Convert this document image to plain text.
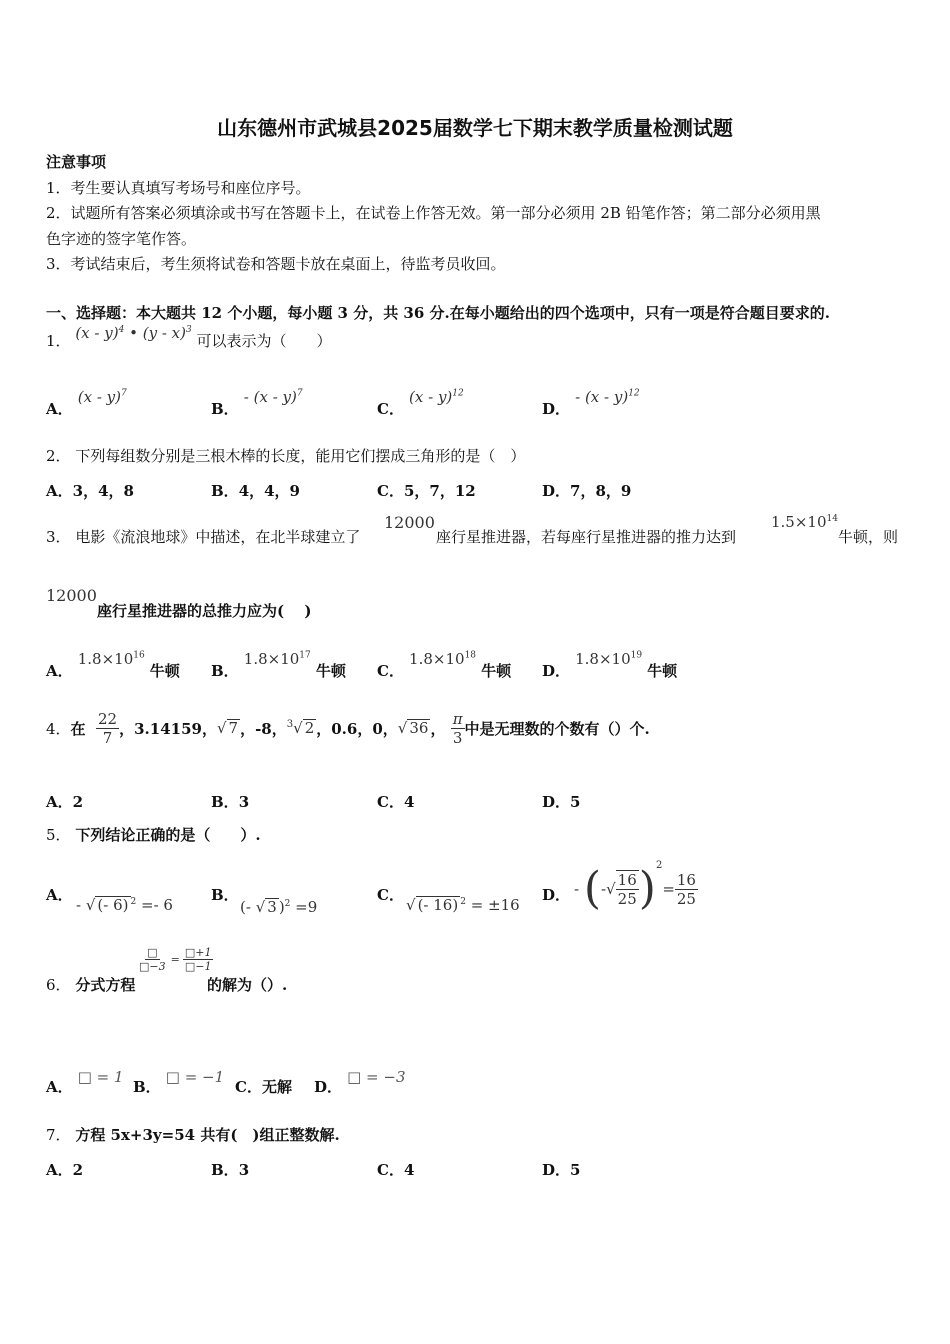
山东德州市武城县2025届数学七下期末教学质量检测试题
注意事项
1．考生要认真填写考场号和座位序号。
2．试题所有答案必须填涂或书写在答题卡上，在试卷上作答无效。第一部分必须用 2B 铅笔作答；第二部分必须用黑
色字迹的签字笔作答。
3．考试结束后，考生须将试卷和答题卡放在桌面上，待监考员收回。
一、选择题：本大题共 12 个小题，每小题 3 分，共 36 分.在每小题给出的四个选项中，只有一项是符合题目要求的.
1． (x - y)$^4$ • (y - x)$^3$ 可以表示为（　　）
A． (x - y)$^7$
B． - (x - y)$^7$
C． (x - y)$^{12}$
D． - (x - y)$^{12}$
2． 下列每组数分别是三根木棒的长度，能用它们摆成三角形的是（　）
A．3，4，8	B．4，4，9	C．5，7，12	D．7，8，9
3． 电影《流浪地球》中描述，在北半球建立了
12000
座行星推进器，若每座行星推进器的推力达到
$1.5\times 10^{14}$
牛顿，则
12000
座行星推进器的总推力应为(　 )
A． $1.8\times 10^{16}$ 牛顿 B． $1.8\times 10^{17}$ 牛顿 C． $1.8\times 10^{18}$ 牛顿 D． $1.8\times 10^{19}$ 牛顿
4． 在
$\frac{22}{7}$ ，3.14159， √ 7 ，-8， $^3$√ 2 ，0.6，0， √ 36 ，
$\frac{\pi}{3}$ 中是无理数的个数有（）个.
A．2	B．3	C．4	D．5
5． 下列结论正确的是（　　）.
A．
- √ (- 6) $^2$ =- 6
B．
(- √ 3 )$^2$ =9
C．
√ (- 16) $^2$ = ±16
D． -
( - √ $\frac{16}{25}$ ) 2
= $\frac{16}{25}$
6． 分式方程
$\frac{□}{□-3} = \frac{□+1}{□-1}$
的解为（）.
A． □ = 1
B． □ = −1
C．无解 D． □ = −3
7． 方程 5x+3y=54 共有(　)组正整数解.
A．2	B．3	C．4	D．5
